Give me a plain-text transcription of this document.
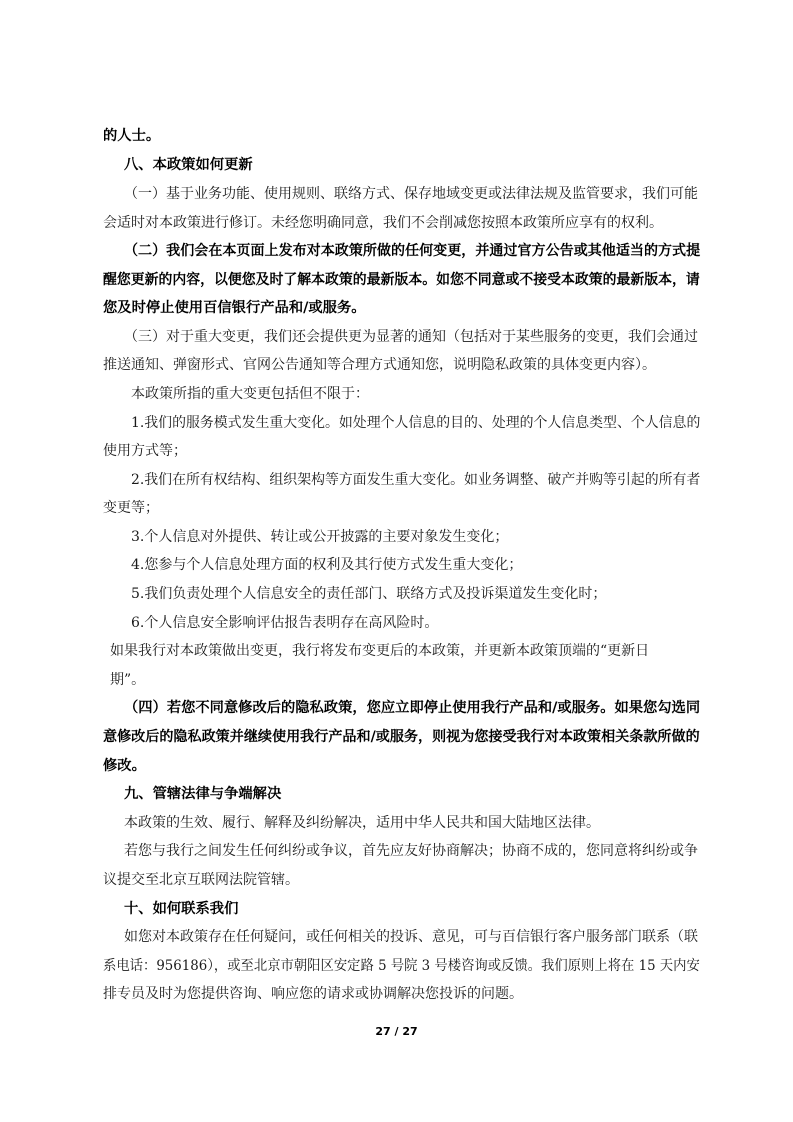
的人士。
八、本政策如何更新
（一）基于业务功能、使用规则、联络方式、保存地域变更或法律法规及监管要求，我们可能
会适时对本政策进行修订。未经您明确同意，我们不会削减您按照本政策所应享有的权利。
（二）我们会在本页面上发布对本政策所做的任何变更，并通过官方公告或其他适当的方式提
醒您更新的内容，以便您及时了解本政策的最新版本。如您不同意或不接受本政策的最新版本，请
您及时停止使用百信银行产品和/或服务。
（三）对于重大变更，我们还会提供更为显著的通知（包括对于某些服务的变更，我们会通过
推送通知、弹窗形式、官网公告通知等合理方式通知您，说明隐私政策的具体变更内容）。
本政策所指的重大变更包括但不限于：
1.我们的服务模式发生重大变化。如处理个人信息的目的、处理的个人信息类型、个人信息的
使用方式等；
2.我们在所有权结构、组织架构等方面发生重大变化。如业务调整、破产并购等引起的所有者
变更等；
3.个人信息对外提供、转让或公开披露的主要对象发生变化；
4.您参与个人信息处理方面的权利及其行使方式发生重大变化；
5.我们负责处理个人信息安全的责任部门、联络方式及投诉渠道发生变化时；
6.个人信息安全影响评估报告表明存在高风险时。
如果我行对本政策做出变更，我行将发布变更后的本政策，并更新本政策顶端的“更新日
期”。
（四）若您不同意修改后的隐私政策，您应立即停止使用我行产品和/或服务。如果您勾选同
意修改后的隐私政策并继续使用我行产品和/或服务，则视为您接受我行对本政策相关条款所做的
修改。
九、管辖法律与争端解决
本政策的生效、履行、解释及纠纷解决，适用中华人民共和国大陆地区法律。
若您与我行之间发生任何纠纷或争议，首先应友好协商解决；协商不成的，您同意将纠纷或争
议提交至北京互联网法院管辖。
十、如何联系我们
如您对本政策存在任何疑问，或任何相关的投诉、意见，可与百信银行客户服务部门联系（联
系电话：956186），或至北京市朝阳区安定路 5 号院 3 号楼咨询或反馈。我们原则上将在 15 天内安
排专员及时为您提供咨询、响应您的请求或协调解决您投诉的问题。
27 / 27
